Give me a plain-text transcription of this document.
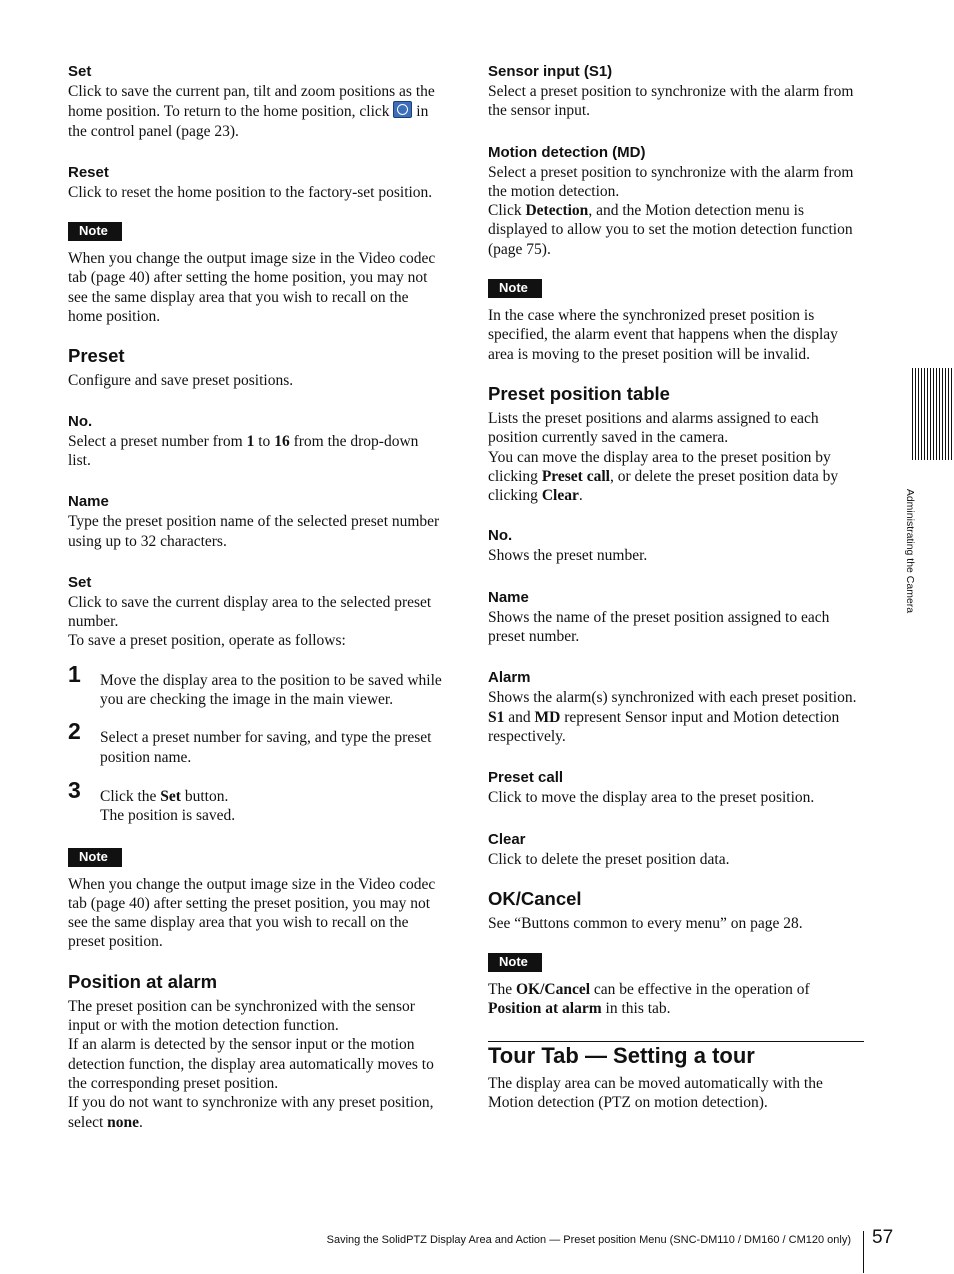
Set

Click to save the current pan, tilt and zoom positions as the home position. To return to the home position, click in the control panel (page 23).

Reset

Click to reset the home position to the factory-set position.

Note

When you change the output image size in the Video codec tab (page 40) after setting the home position, you may not see the same display area that you wish to recall on the home position.

Preset

Configure and save preset positions.

No.

Select a preset number from 1 to 16 from the drop-down list.

Name

Type the preset position name of the selected preset number using up to 32 characters.

Set

Click to save the current display area to the selected preset number.

To save a preset position, operate as follows:

1	Move the display area to the position to be saved while you are checking the image in the main viewer.

2	Select a preset number for saving, and type the preset position name.

3	Click the Set button.

The position is saved.

Note

When you change the output image size in the Video codec tab (page 40) after setting the preset position, you may not see the same display area that you wish to recall on the preset position.

Position at alarm

The preset position can be synchronized with the sensor input or with the motion detection function.

If an alarm is detected by the sensor input or the motion detection function, the display area automatically moves to the corresponding preset position.

If you do not want to synchronize with any preset position, select none.

Sensor input (S1)

Select a preset position to synchronize with the alarm from the sensor input.

Motion detection (MD)

Select a preset position to synchronize with the alarm from the motion detection.

Click Detection, and the Motion detection menu is displayed to allow you to set the motion detection function (page 75).

Note

In the case where the synchronized preset position is specified, the alarm event that happens when the display area is moving to the preset position will be invalid.

Preset position table

Lists the preset positions and alarms assigned to each position currently saved in the camera.

You can move the display area to the preset position by clicking Preset call, or delete the preset position data by clicking Clear.

No.

Shows the preset number.

Name

Shows the name of the preset position assigned to each preset number.

Alarm

Shows the alarm(s) synchronized with each preset position. S1 and MD represent Sensor input and Motion detection respectively.

Preset call

Click to move the display area to the preset position.

Clear

Click to delete the preset position data.

OK/Cancel

See “Buttons common to every menu” on page 28.

Note

The OK/Cancel can be effective in the operation of Position at alarm in this tab.

Tour Tab — Setting a tour

The display area can be moved automatically with the Motion detection (PTZ on motion detection).

Administrating the Camera
Saving the SolidPTZ Display Area and Action — Preset position Menu (SNC-DM110 / DM160 / CM120 only) 57
